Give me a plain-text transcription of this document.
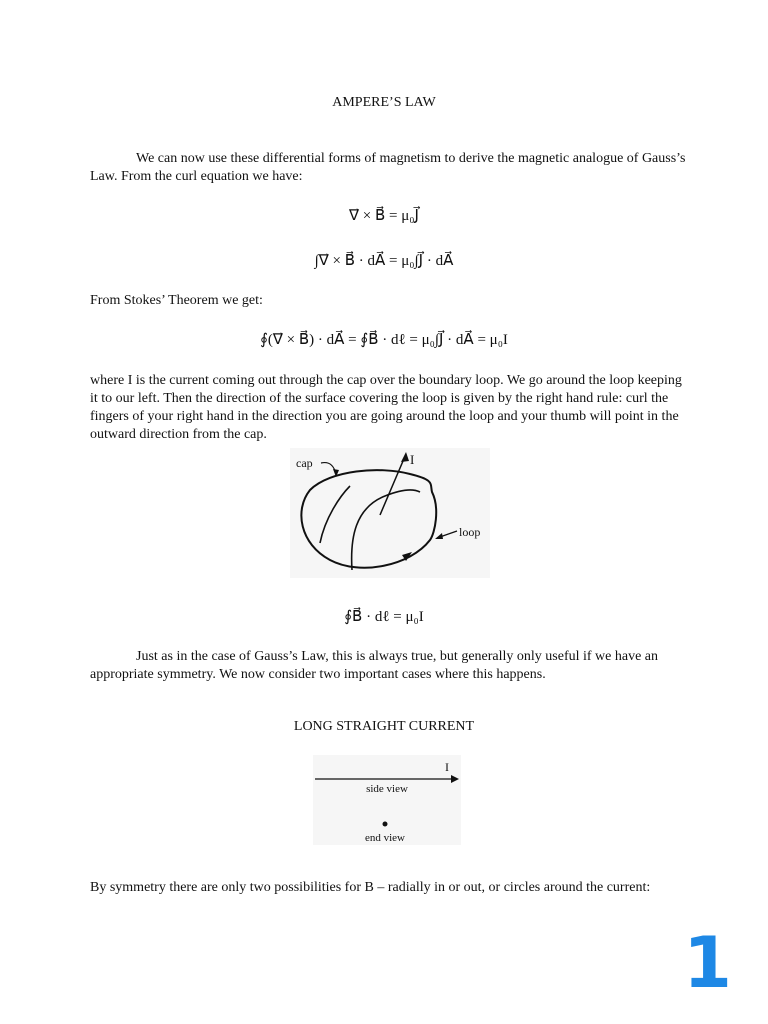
AMPERE’S LAW

We can now use these differential forms of magnetism to derive the magnetic analogue of Gauss’s Law. From the curl equation we have:

∇⃗ × B⃗ = μ₀J⃗
∫∇⃗ × B⃗ · dA⃗ = μ₀∫J⃗ · dA⃗

From Stokes’ Theorem we get:

∮(∇⃗ × B⃗) · dA⃗ = ∮B⃗ · dℓ = μ₀∫J⃗ · dA⃗ = μ₀I

where I is the current coming out through the cap over the boundary loop. We go around the loop keeping it to our left. Then the direction of the surface covering the loop is given by the right hand rule: curl the fingers of your right hand in the direction you are going around the loop and your thumb will point in the outward direction from the cap.

I
cap
loop
∮B⃗ · dℓ = μ₀I

Just as in the case of Gauss’s Law, this is always true, but generally only useful if we have an appropriate symmetry. We now consider two important cases where this happens.

LONG STRAIGHT CURRENT
I
side view
end view

By symmetry there are only two possibilities for B – radially in or out, or circles around the current:

1
